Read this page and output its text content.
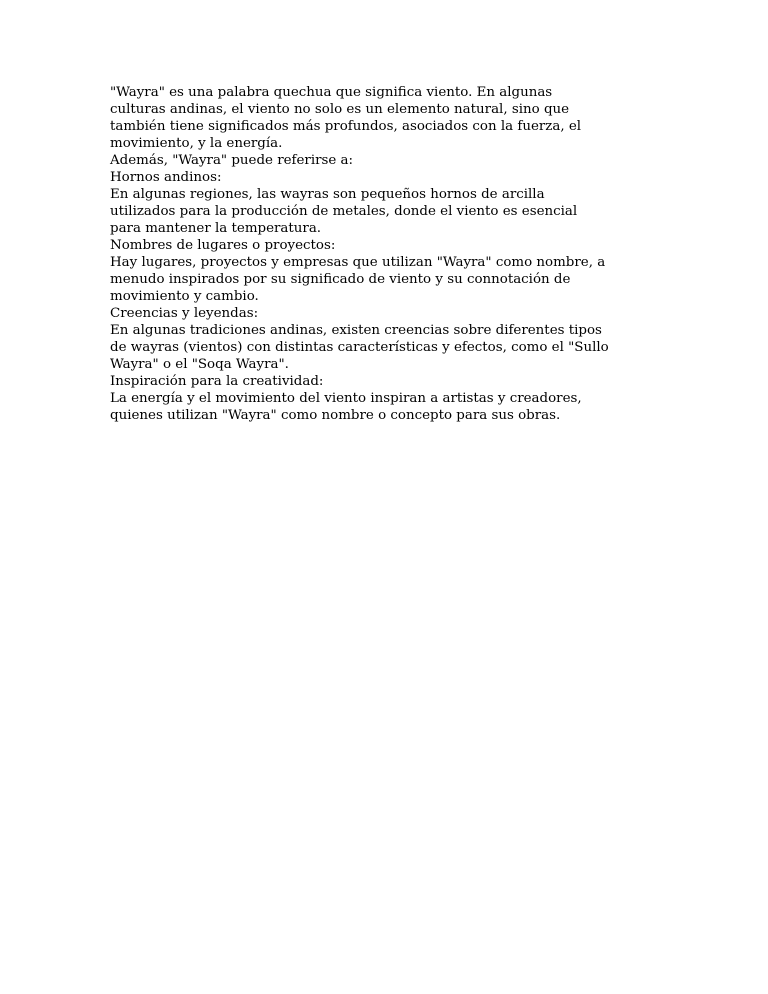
"Wayra" es una palabra quechua que significa viento. En algunas
culturas andinas, el viento no solo es un elemento natural, sino que
también tiene significados más profundos, asociados con la fuerza, el
movimiento, y la energía.
Además, "Wayra" puede referirse a:
Hornos andinos:
En algunas regiones, las wayras son pequeños hornos de arcilla
utilizados para la producción de metales, donde el viento es esencial
para mantener la temperatura.
Nombres de lugares o proyectos:
Hay lugares, proyectos y empresas que utilizan "Wayra" como nombre, a
menudo inspirados por su significado de viento y su connotación de
movimiento y cambio.
Creencias y leyendas:
En algunas tradiciones andinas, existen creencias sobre diferentes tipos
de wayras (vientos) con distintas características y efectos, como el "Sullo
Wayra" o el "Soqa Wayra".
Inspiración para la creatividad:
La energía y el movimiento del viento inspiran a artistas y creadores,
quienes utilizan "Wayra" como nombre o concepto para sus obras.
